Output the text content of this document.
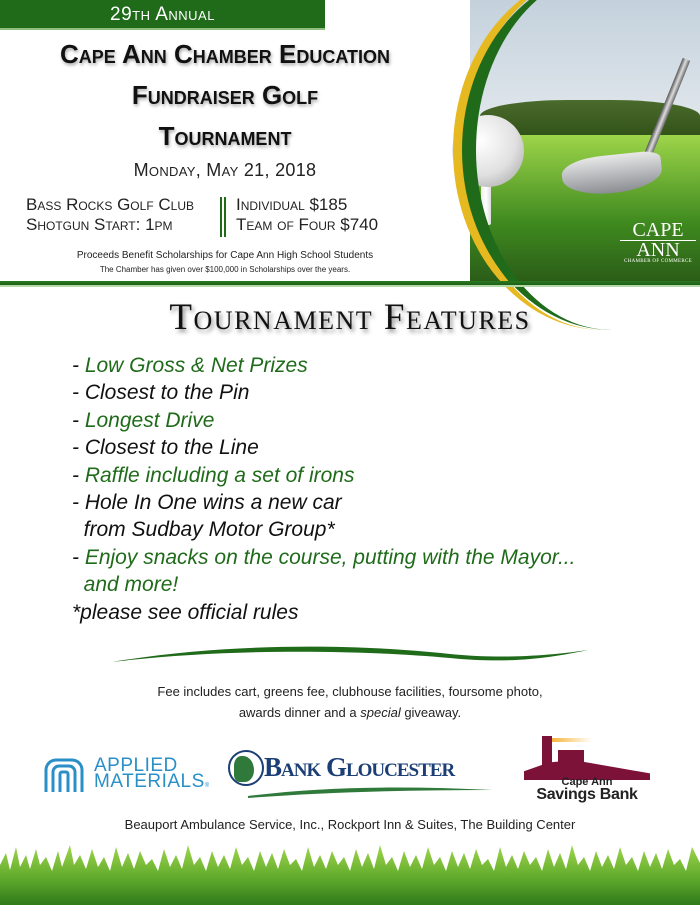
29th Annual
Cape Ann Chamber Education
Fundraiser Golf
Tournament
Monday, May 21, 2018
Bass Rocks Golf Club
Shotgun Start: 1pm
Individual $185
Team of Four $740
Proceeds Benefit Scholarships for Cape Ann High School Students
The Chamber has given over $100,000 in Scholarships over the years.
CAPE
ANN
CHAMBER OF COMMERCE
Tournament Features
- Low Gross & Net Prizes
- Closest to the Pin
- Longest Drive
- Closest to the Line
- Raffle including a set of irons
- Hole In One wins a new car
from Sudbay Motor Group*
- Enjoy snacks on the course, putting with the Mayor...
and more!
*please see official rules
Fee includes cart, greens fee, clubhouse facilities, foursome photo,
awards dinner and a special giveaway.
APPLIED
MATERIALS®
Bank Gloucester	Cape Ann
Savings Bank
Beauport Ambulance Service, Inc., Rockport Inn & Suites, The Building Center
